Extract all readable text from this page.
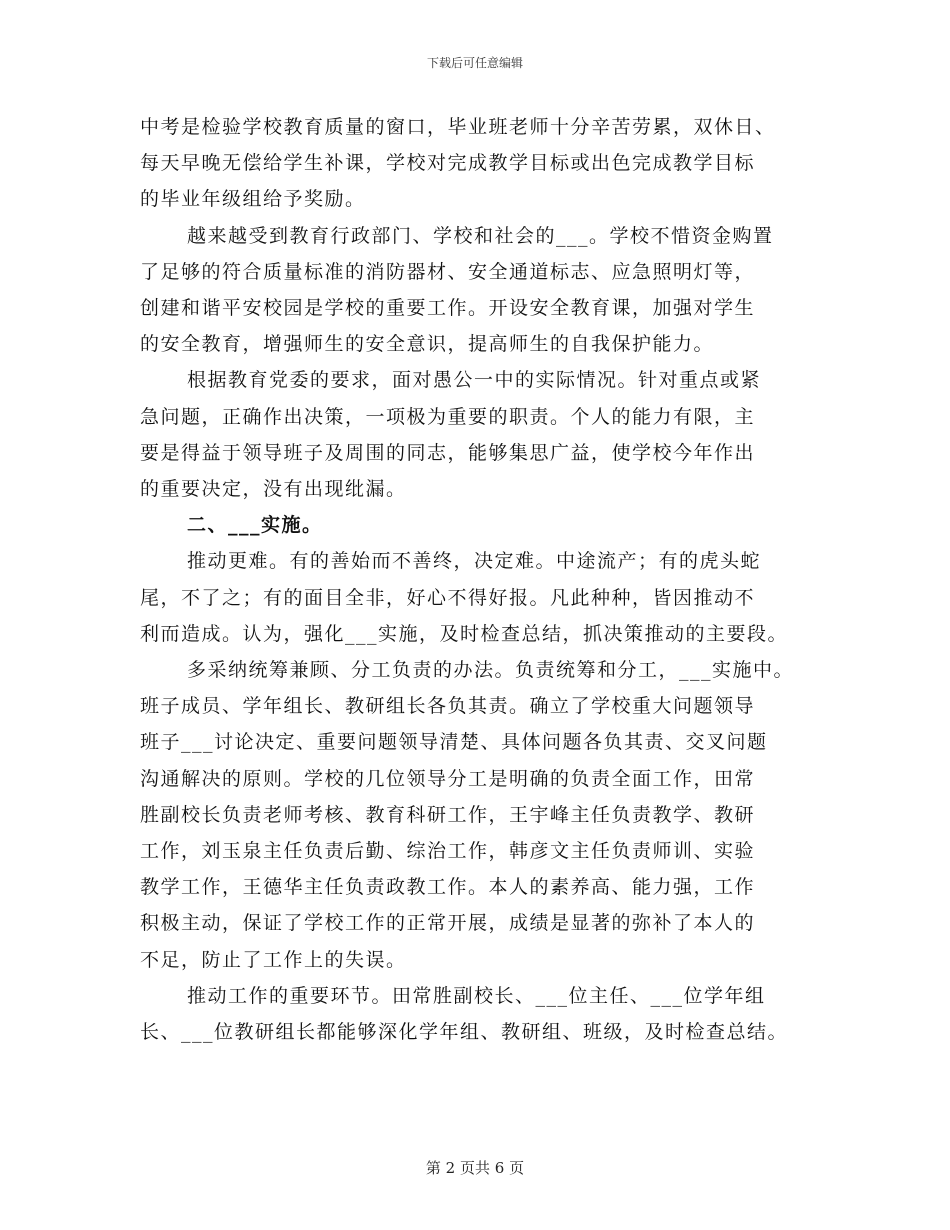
下载后可任意编辑
中考是检验学校教育质量的窗口，毕业班老师十分辛苦劳累，双休日、
每天早晚无偿给学生补课，学校对完成教学目标或出色完成教学目标
的毕业年级组给予奖励。
越来越受到教育行政部门、学校和社会的___。学校不惜资金购置
了足够的符合质量标准的消防器材、安全通道标志、应急照明灯等，
创建和谐平安校园是学校的重要工作。开设安全教育课，加强对学生
的安全教育，增强师生的安全意识，提高师生的自我保护能力。
根据教育党委的要求，面对愚公一中的实际情况。针对重点或紧
急问题，正确作出决策，一项极为重要的职责。个人的能力有限，主
要是得益于领导班子及周围的同志，能够集思广益，使学校今年作出
的重要决定，没有出现纰漏。
二、___实施。
推动更难。有的善始而不善终，决定难。中途流产；有的虎头蛇
尾，不了之；有的面目全非，好心不得好报。凡此种种，皆因推动不
利而造成。认为，强化___实施，及时检查总结，抓决策推动的主要段。
多采纳统筹兼顾、分工负责的办法。负责统筹和分工，___实施中。
班子成员、学年组长、教研组长各负其责。确立了学校重大问题领导
班子___讨论决定、重要问题领导清楚、具体问题各负其责、交叉问题
沟通解决的原则。学校的几位领导分工是明确的负责全面工作，田常
胜副校长负责老师考核、教育科研工作，王宇峰主任负责教学、教研
工作，刘玉泉主任负责后勤、综治工作，韩彦文主任负责师训、实验
教学工作，王德华主任负责政教工作。本人的素养高、能力强，工作
积极主动，保证了学校工作的正常开展，成绩是显著的弥补了本人的
不足，防止了工作上的失误。
推动工作的重要环节。田常胜副校长、___位主任、___位学年组
长、___位教研组长都能够深化学年组、教研组、班级，及时检查总结。
第 2 页共 6 页
